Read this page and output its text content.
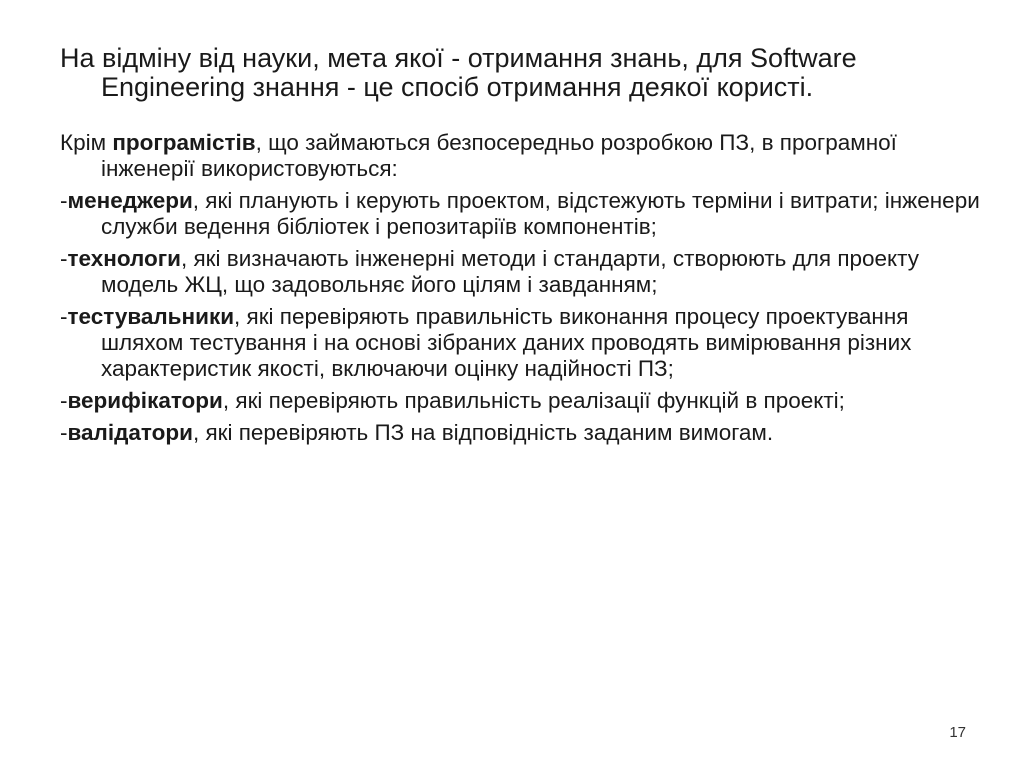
На відміну від науки, мета якої - отримання знань, для Software Engineering знання - це спосіб отримання деякої користі.

Крім програмістів, що займаються безпосередньо розробкою ПЗ, в програмної інженерії використовуються:

-менеджери, які планують і керують проектом, відстежують терміни і витрати; інженери служби ведення бібліотек і репозитаріїв компонентів;

-технологи, які визначають інженерні методи і стандарти, створюють для проекту модель ЖЦ, що задовольняє його цілям і завданням;

-тестувальники, які перевіряють правильність виконання процесу проектування шляхом тестування і на основі зібраних даних проводять вимірювання різних характеристик якості, включаючи оцінку надійності ПЗ;

-верифікатори, які перевіряють правильність реалізації функцій в проекті;

-валідатори, які перевіряють ПЗ на відповідність заданим вимогам.

17
